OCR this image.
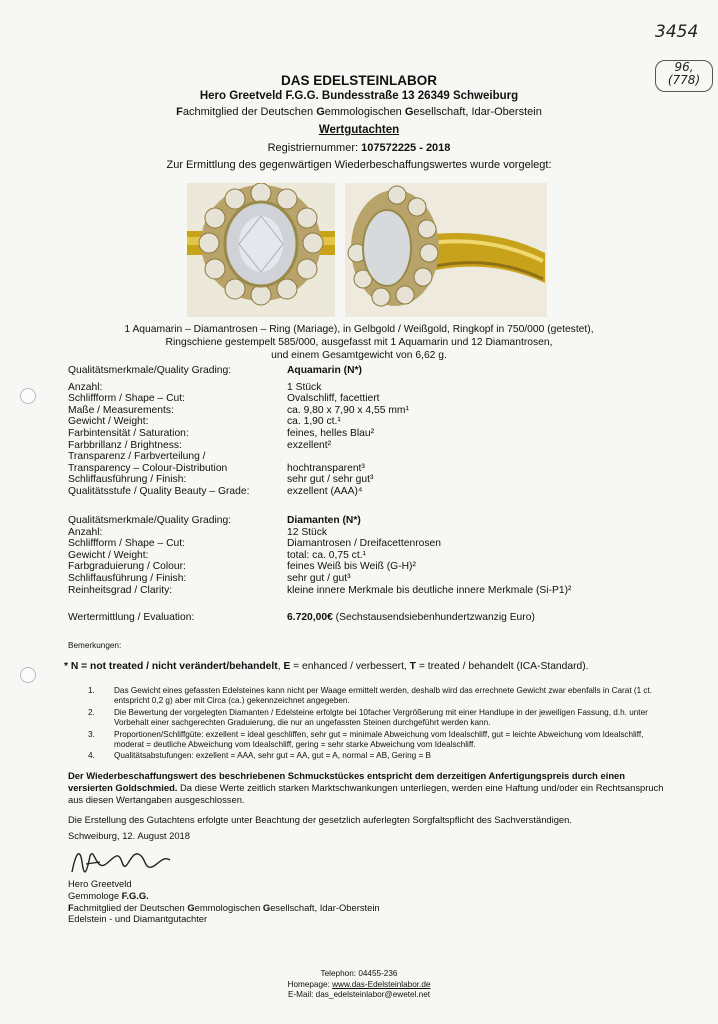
3454
96,
(778)
DAS EDELSTEINLABOR
Hero Greetveld F.G.G. Bundesstraße 13 26349 Schweiburg
Fachmitglied der Deutschen Gemmologischen Gesellschaft, Idar-Oberstein
Wertgutachten
Registriernummer: 107572225 - 2018
Zur Ermittlung des gegenwärtigen Wiederbeschaffungswertes wurde vorgelegt:
1 Aquamarin – Diamantrosen – Ring (Mariage), in Gelbgold / Weißgold, Ringkopf in 750/000 (getestet),
Ringschiene gestempelt 585/000, ausgefasst mit 1 Aquamarin und 12 Diamantrosen,
und einem Gesamtgewicht von 6,62 g.
Qualitätsmerkmale/Quality Grading:	Aquamarin (N*)
Anzahl:	1 Stück
Schliffform / Shape – Cut:	Ovalschliff, facettiert
Maße / Measurements:	ca. 9,80 x 7,90 x 4,55 mm¹
Gewicht / Weight:	ca. 1,90 ct.¹
Farbintensität / Saturation:	feines, helles Blau²
Farbbrillanz / Brightness:	exzellent²
Transparenz / Farbverteilung /
Transparency – Colour-Distribution	hochtransparent³
Schliffausführung / Finish:	sehr gut / sehr gut³
Qualitätsstufe / Quality Beauty – Grade:	exzellent (AAA)⁴
Qualitätsmerkmale/Quality Grading:	Diamanten (N*)
Anzahl:	12 Stück
Schliffform / Shape – Cut:	Diamantrosen / Dreifacettenrosen
Gewicht / Weight:	total: ca. 0,75 ct.¹
Farbgraduierung / Colour:	feines Weiß bis Weiß (G-H)²
Schliffausführung / Finish:	sehr gut / gut³
Reinheitsgrad / Clarity:	kleine innere Merkmale bis deutliche innere Merkmale (Si-P1)²
Wertermittlung / Evaluation:	6.720,00€ (Sechstausendsiebenhundertzwanzig Euro)
Bemerkungen:
* N = not treated / nicht verändert/behandelt, E = enhanced / verbessert, T = treated / behandelt (ICA-Standard).
1.	Das Gewicht eines gefassten Edelsteines kann nicht per Waage ermittelt werden, deshalb wird das errechnete Gewicht zwar ebenfalls in Carat (1 ct. entspricht 0,2 g) aber mit Circa (ca.) gekennzeichnet angegeben.
2.	Die Bewertung der vorgelegten Diamanten / Edelsteine erfolgte bei 10facher Vergrößerung mit einer Handlupe in der jeweiligen Fassung, d.h. unter Vorbehalt einer sachgerechten Graduierung, die nur an ungefassten Steinen durchgeführt werden kann.
3.	Proportionen/Schliffgüte: exzellent = ideal geschliffen, sehr gut = minimale Abweichung vom Idealschliff, gut = leichte Abweichung vom Idealschliff, moderat = deutliche Abweichung vom Idealschliff, gering = sehr starke Abweichung vom Idealschliff.
4.	Qualitätsabstufungen: exzellent = AAA, sehr gut = AA, gut = A, normal = AB, Gering = B
Der Wiederbeschaffungswert des beschriebenen Schmuckstückes entspricht dem derzeitigen Anfertigungspreis durch einen versierten Goldschmied. Da diese Werte zeitlich starken Marktschwankungen unterliegen, werden eine Haftung und/oder ein Rechtsanspruch aus diesen Wertangaben ausgeschlossen.
Die Erstellung des Gutachtens erfolgte unter Beachtung der gesetzlich auferlegten Sorgfaltspflicht des Sachverständigen.
Schweiburg, 12. August 2018
Hero Greetveld
Gemmologe F.G.G.
Fachmitglied der Deutschen Gemmologischen Gesellschaft, Idar-Oberstein
Edelstein - und Diamantgutachter
Telephon: 04455-236
Homepage: www.das-Edelsteinlabor.de
E-Mail: das_edelsteinlabor@ewetel.net
